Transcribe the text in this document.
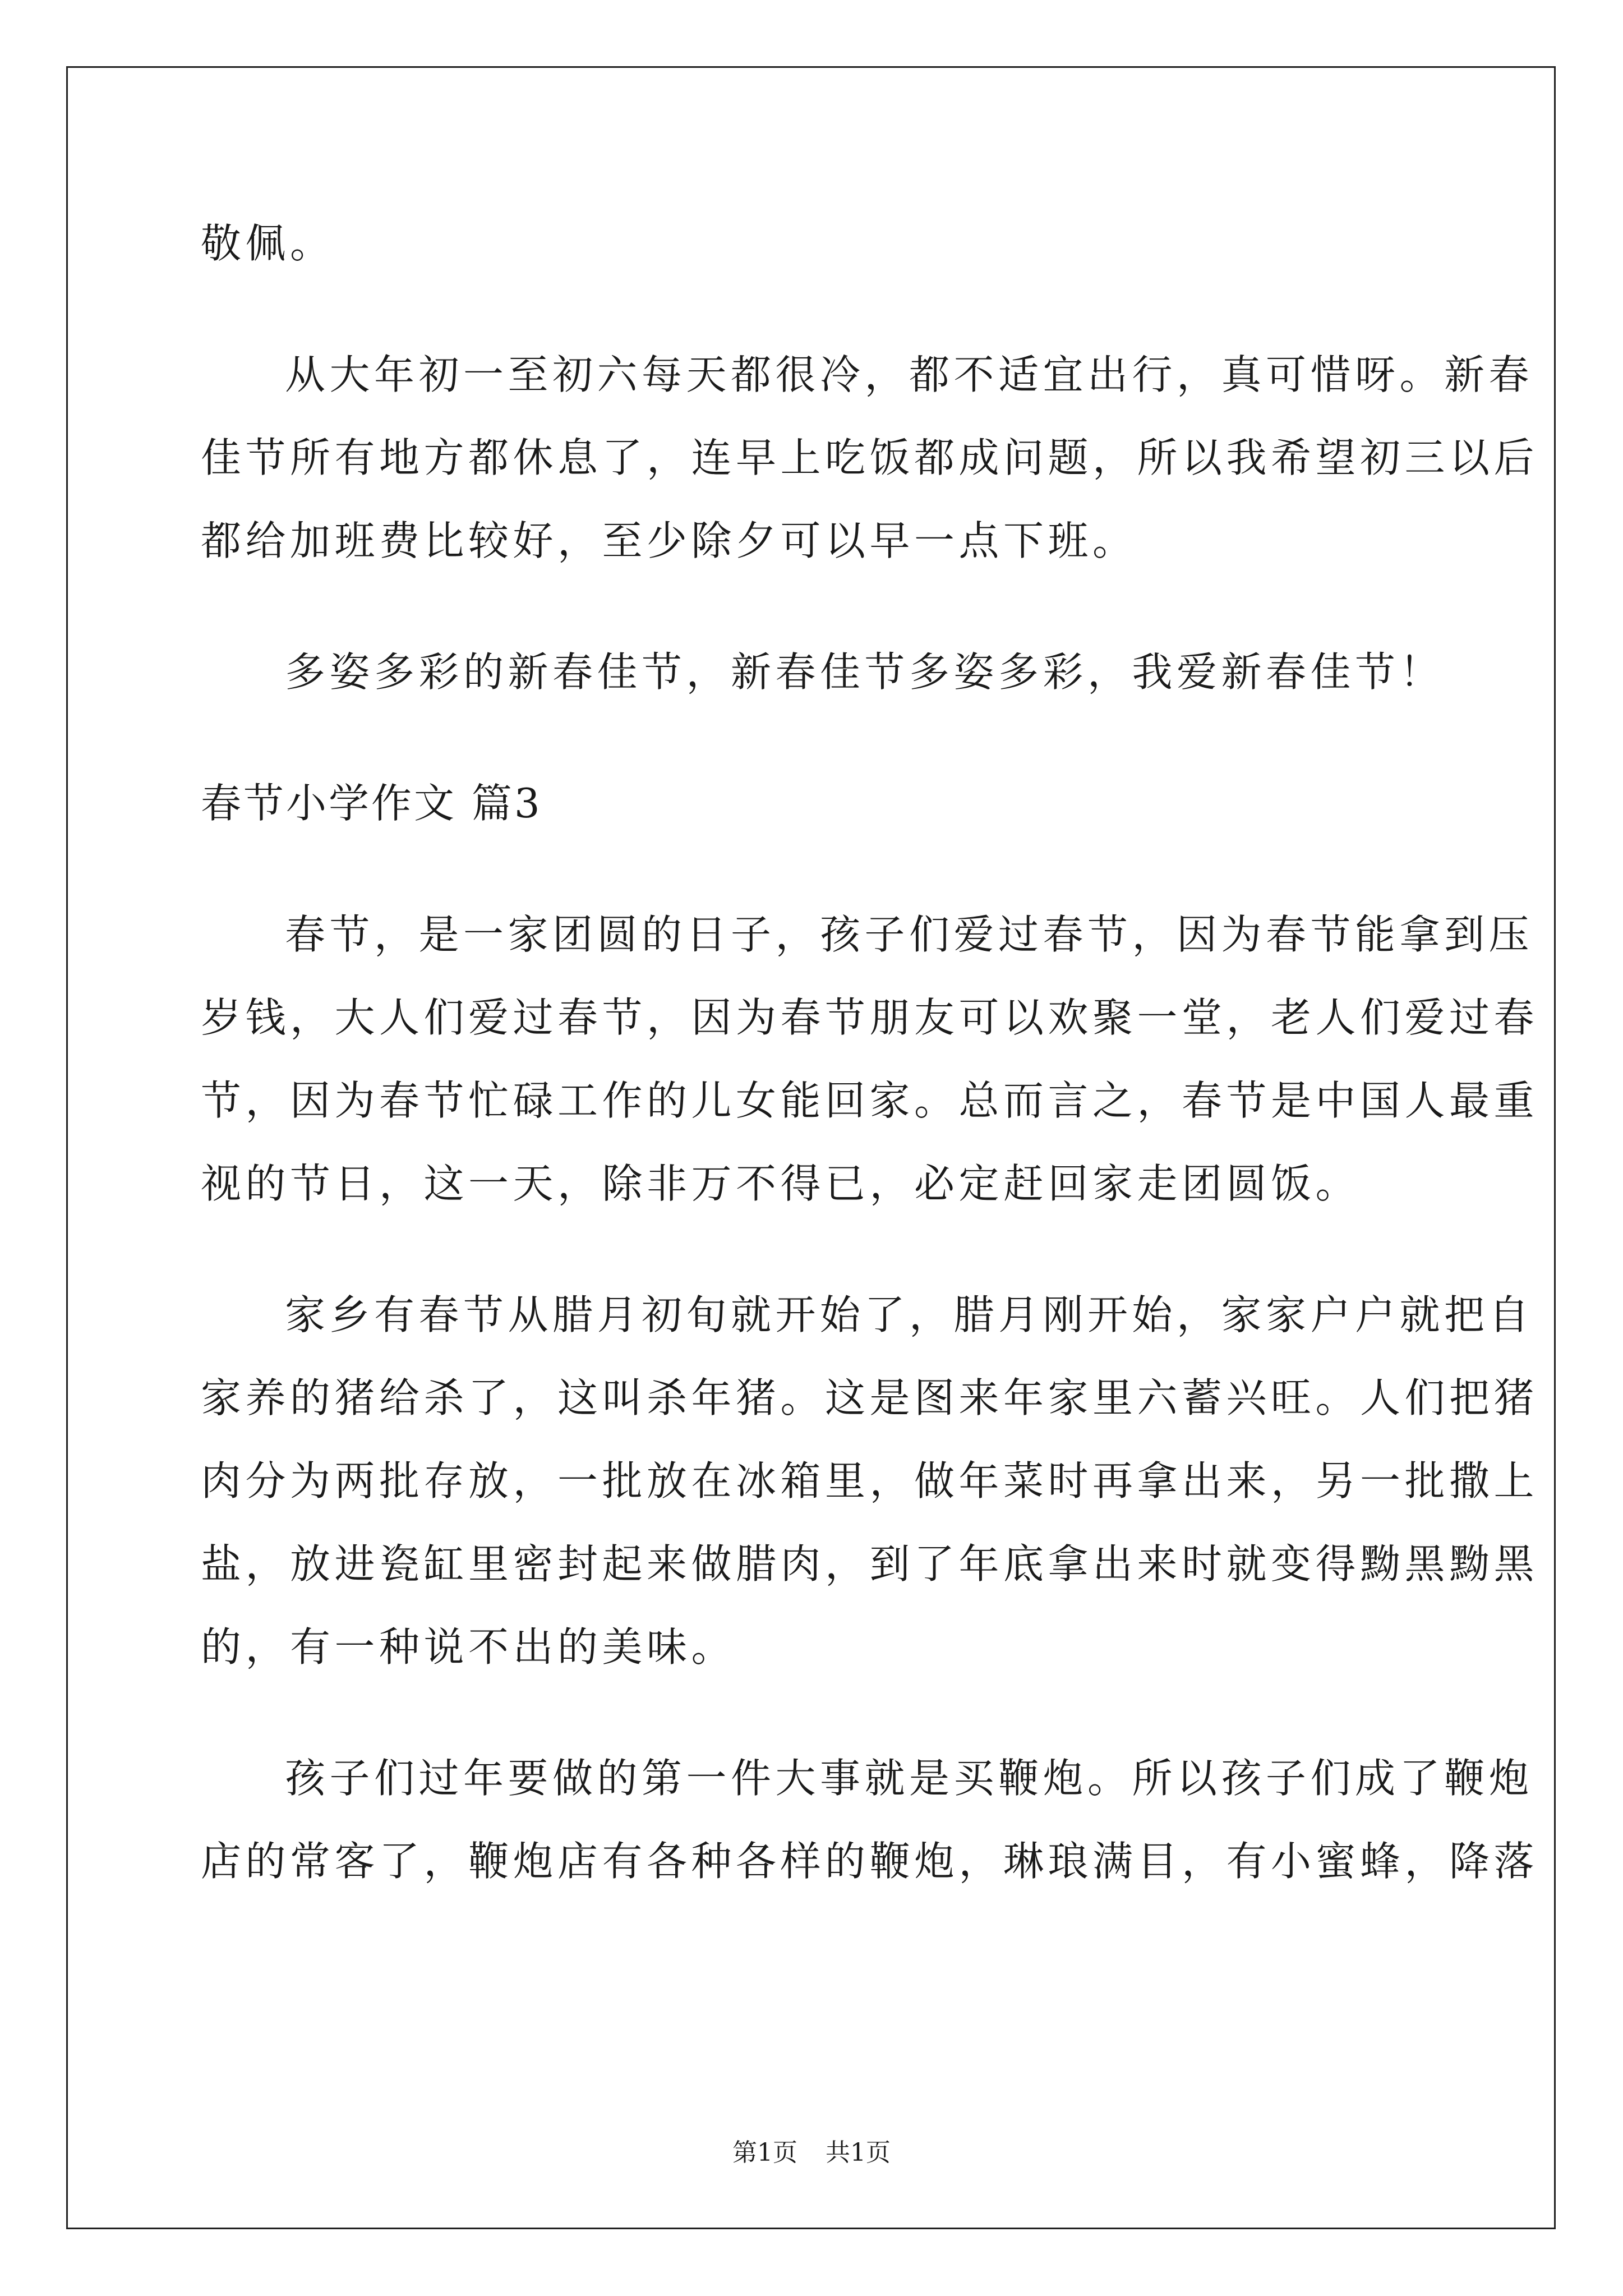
敬佩。
从大年初一至初六每天都很冷，都不适宜出行，真可惜呀。新春
佳节所有地方都休息了，连早上吃饭都成问题，所以我希望初三以后
都给加班费比较好，至少除夕可以早一点下班。
多姿多彩的新春佳节，新春佳节多姿多彩，我爱新春佳节！
春节小学作文 篇3
春节，是一家团圆的日子，孩子们爱过春节，因为春节能拿到压
岁钱，大人们爱过春节，因为春节朋友可以欢聚一堂，老人们爱过春
节，因为春节忙碌工作的儿女能回家。总而言之，春节是中国人最重
视的节日，这一天，除非万不得已，必定赶回家走团圆饭。
家乡有春节从腊月初旬就开始了，腊月刚开始，家家户户就把自
家养的猪给杀了，这叫杀年猪。这是图来年家里六蓄兴旺。人们把猪
肉分为两批存放，一批放在冰箱里，做年菜时再拿出来，另一批撒上
盐，放进瓷缸里密封起来做腊肉，到了年底拿出来时就变得黝黑黝黑
的，有一种说不出的美味。
孩子们过年要做的第一件大事就是买鞭炮。所以孩子们成了鞭炮
店的常客了，鞭炮店有各种各样的鞭炮，琳琅满目，有小蜜蜂，降落
第1页 共1页
